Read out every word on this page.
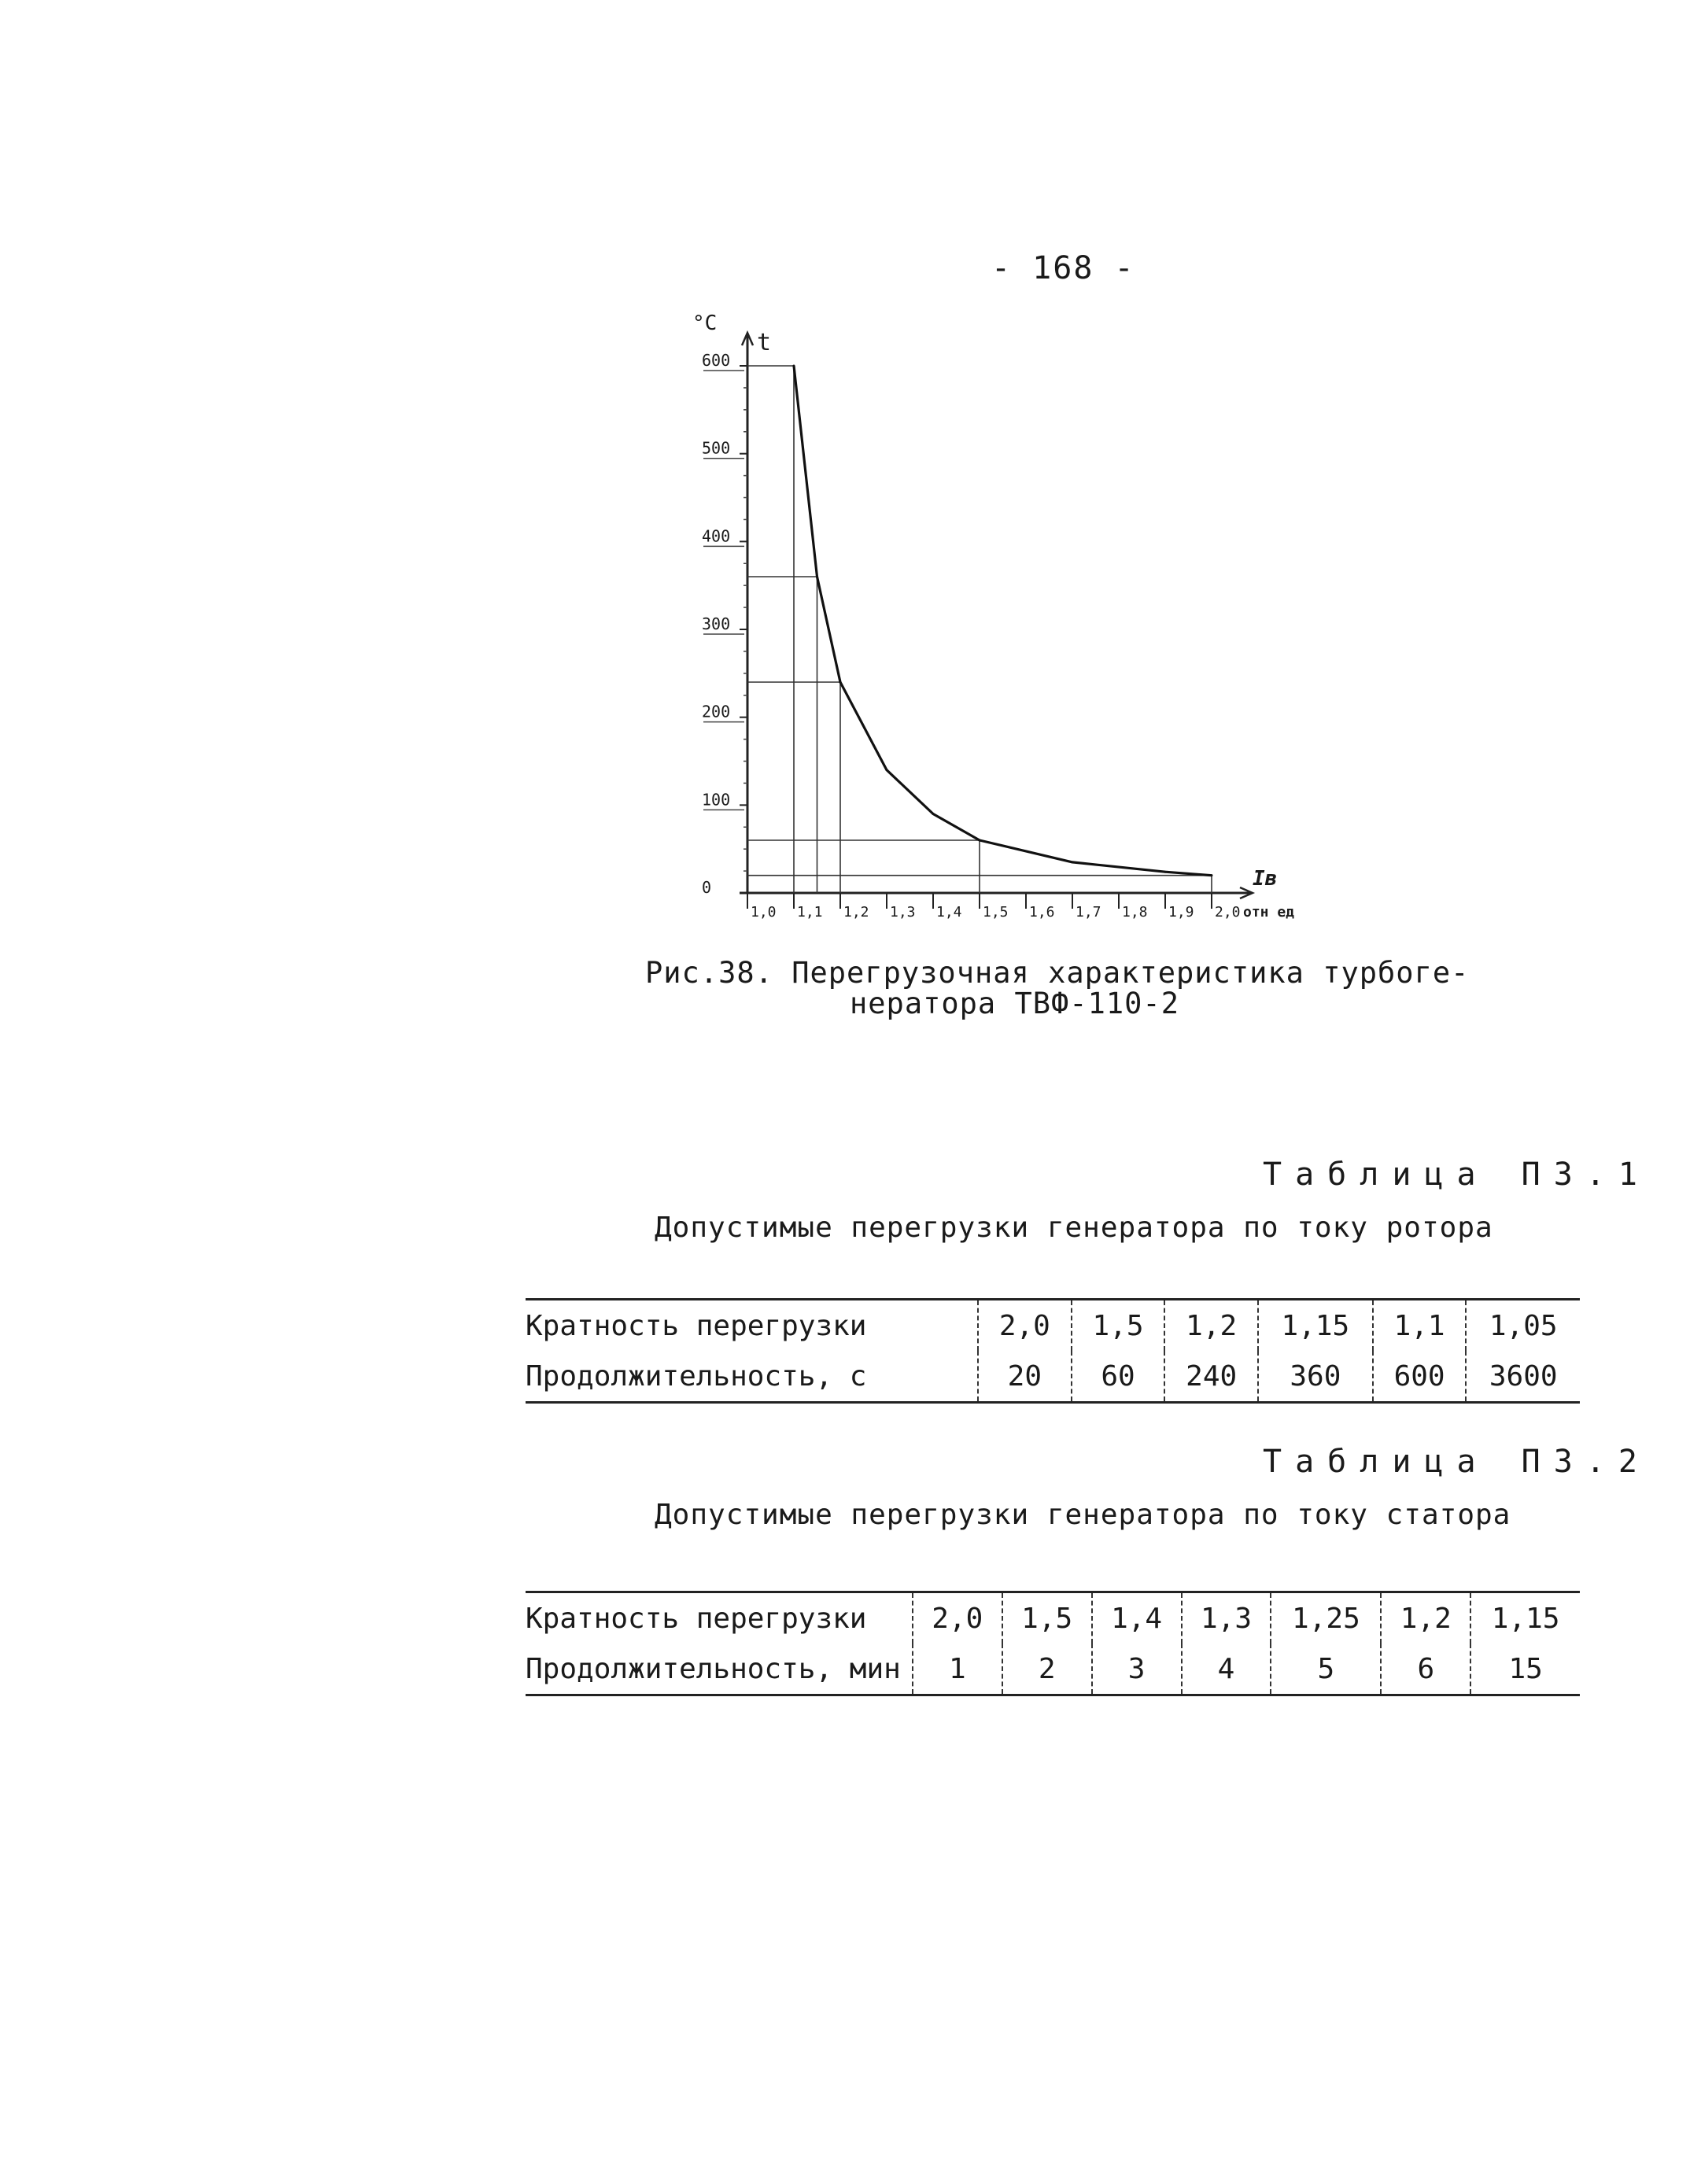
- 168 -
0
100
200
300
400
500
600
1,0 1,1 1,2 1,3 1,4 1,5 1,6 1,7 1,8 1,9 2,0
°C
t
Iв
отн ед
Рис.38. Перегрузочная характеристика турбоге-
нератора ТВФ-110-2
Таблица П3.1
Допустимые перегрузки генератора по току ротора
Кратность перегрузки	2,0	1,5	1,2	1,15	1,1	1,05
Продолжительность, с	20	60	240	360	600	3600
Таблица П3.2
Допустимые перегрузки генератора по току статора
Кратность перегрузки	2,0	1,5	1,4	1,3	1,25	1,2	1,15
Продолжительность, мин	1	2	3	4	5	6	15
